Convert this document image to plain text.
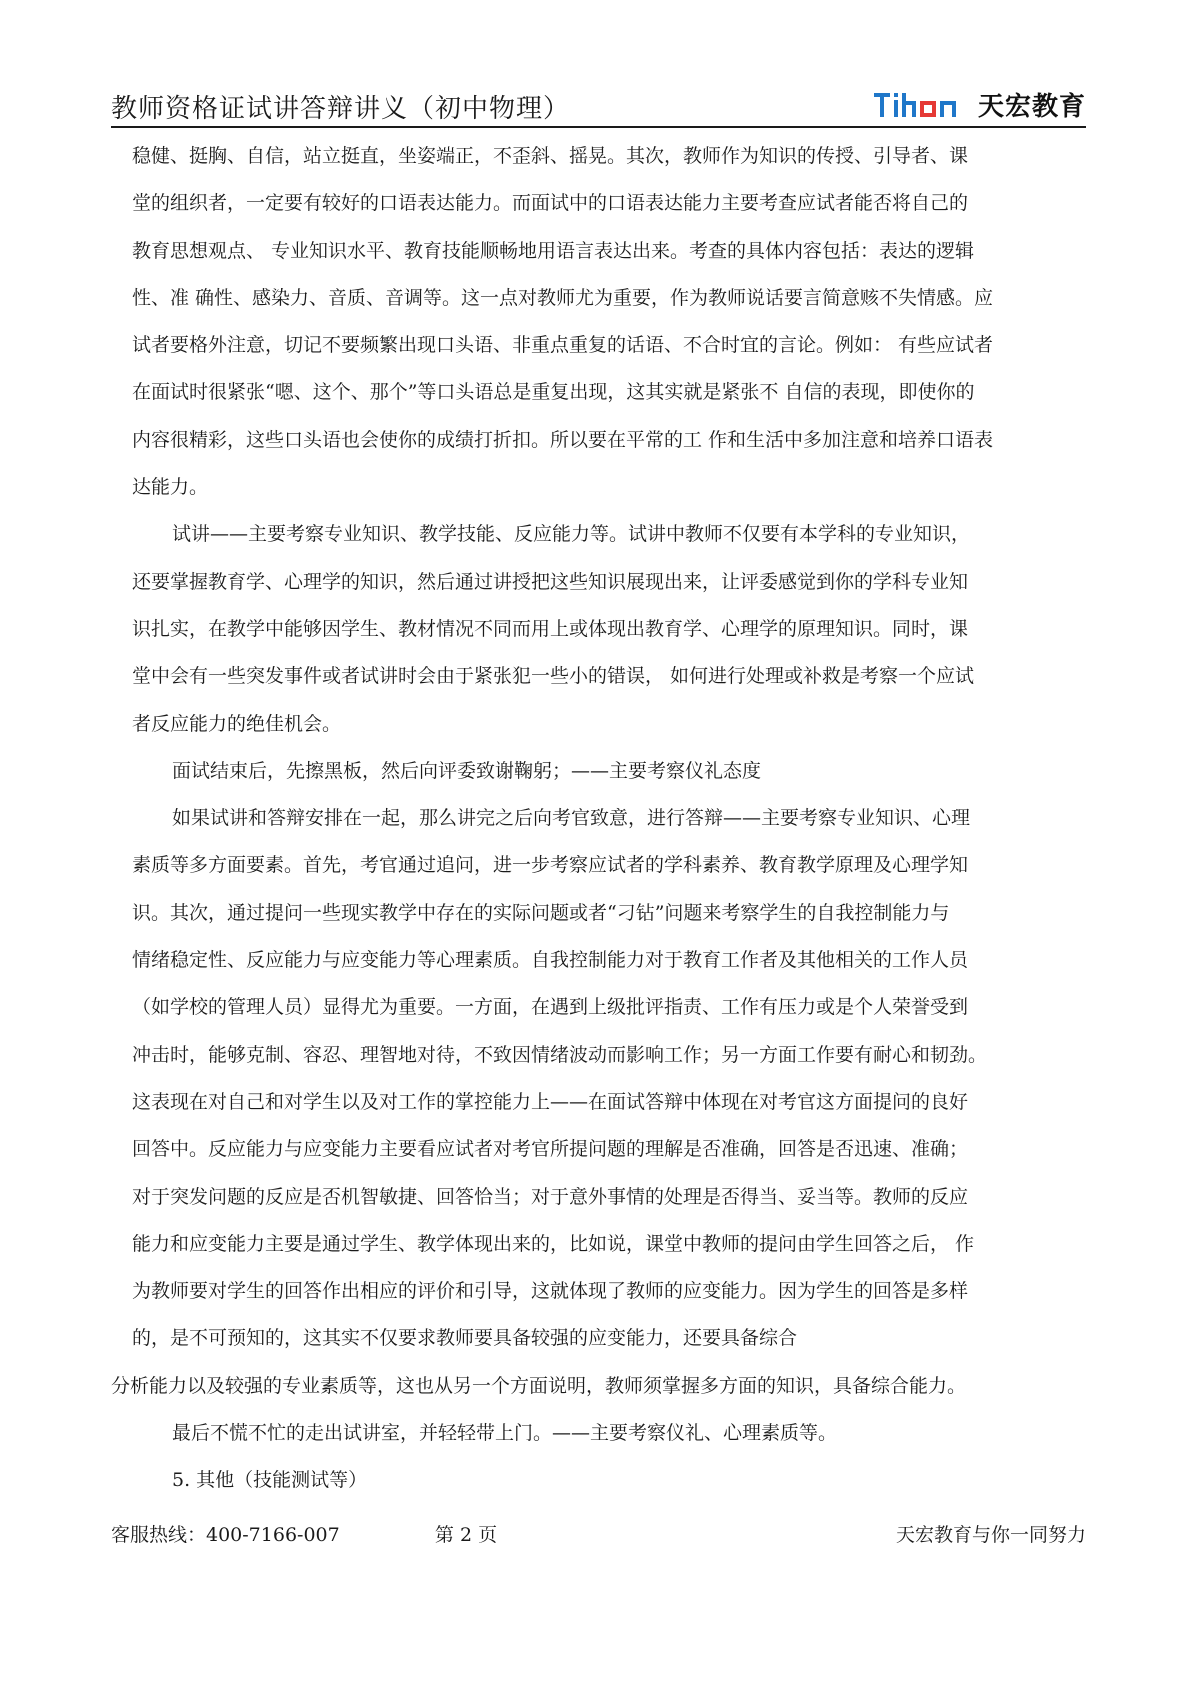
教师资格证试讲答辩讲义（初中物理）	天宏教育
稳健、挺胸、自信，站立挺直，坐姿端正，不歪斜、摇晃。其次，教师作为知识的传授、引导者、课
堂的组织者，一定要有较好的口语表达能力。而面试中的口语表达能力主要考查应试者能否将自己的
教育思想观点、 专业知识水平、教育技能顺畅地用语言表达出来。考查的具体内容包括：表达的逻辑
性、准 确性、感染力、音质、音调等。这一点对教师尤为重要，作为教师说话要言简意赅不失情感。应
试者要格外注意，切记不要频繁出现口头语、非重点重复的话语、不合时宜的言论。例如： 有些应试者
在面试时很紧张“嗯、这个、那个”等口头语总是重复出现，这其实就是紧张不 自信的表现，即使你的
内容很精彩，这些口头语也会使你的成绩打折扣。所以要在平常的工 作和生活中多加注意和培养口语表
达能力。
试讲——主要考察专业知识、教学技能、反应能力等。试讲中教师不仅要有本学科的专业知识，
还要掌握教育学、心理学的知识，然后通过讲授把这些知识展现出来，让评委感觉到你的学科专业知
识扎实，在教学中能够因学生、教材情况不同而用上或体现出教育学、心理学的原理知识。同时，课
堂中会有一些突发事件或者试讲时会由于紧张犯一些小的错误， 如何进行处理或补救是考察一个应试
者反应能力的绝佳机会。
面试结束后，先擦黑板，然后向评委致谢鞠躬；——主要考察仪礼态度
如果试讲和答辩安排在一起，那么讲完之后向考官致意，进行答辩——主要考察专业知识、心理
素质等多方面要素。首先，考官通过追问，进一步考察应试者的学科素养、教育教学原理及心理学知
识。其次，通过提问一些现实教学中存在的实际问题或者“刁钻”问题来考察学生的自我控制能力与
情绪稳定性、反应能力与应变能力等心理素质。自我控制能力对于教育工作者及其他相关的工作人员
（如学校的管理人员）显得尤为重要。一方面，在遇到上级批评指责、工作有压力或是个人荣誉受到
冲击时，能够克制、容忍、理智地对待，不致因情绪波动而影响工作；另一方面工作要有耐心和韧劲。
这表现在对自己和对学生以及对工作的掌控能力上——在面试答辩中体现在对考官这方面提问的良好
回答中。反应能力与应变能力主要看应试者对考官所提问题的理解是否准确，回答是否迅速、准确；
对于突发问题的反应是否机智敏捷、回答恰当；对于意外事情的处理是否得当、妥当等。教师的反应
能力和应变能力主要是通过学生、教学体现出来的，比如说，课堂中教师的提问由学生回答之后， 作
为教师要对学生的回答作出相应的评价和引导，这就体现了教师的应变能力。因为学生的回答是多样
的，是不可预知的，这其实不仅要求教师要具备较强的应变能力，还要具备综合
分析能力以及较强的专业素质等，这也从另一个方面说明，教师须掌握多方面的知识，具备综合能力。
最后不慌不忙的走出试讲室，并轻轻带上门。——主要考察仪礼、心理素质等。
5. 其他（技能测试等）
客服热线：400-7166-007	第 2 页	天宏教育与你一同努力
